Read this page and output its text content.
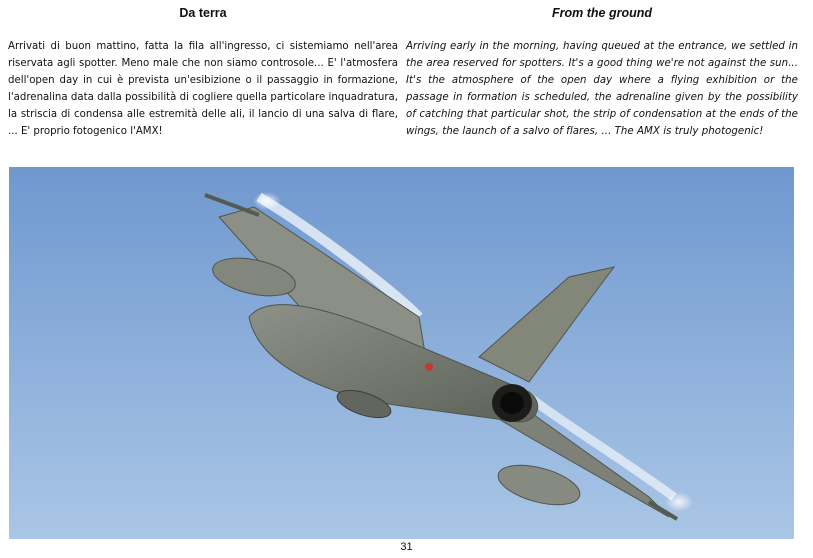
Da terra

Arrivati di buon mattino, fatta la fila all'ingresso, ci sistemiamo nell'area riservata agli spotter. Meno male che non siamo controsole... E' l'atmosfera dell'open day in cui è prevista un'esibizione o il passaggio in formazione, l'adrenalina data dalla possibilità di cogliere quella particolare inquadratura, la striscia di condensa alle estremità delle ali, il lancio di una salva di flare, ... E' proprio fotogenico l'AMX!

From the ground

Arriving early in the morning, having queued at the entrance, we settled in the area reserved for spotters. It's a good thing we're not against the sun... It's the atmosphere of the open day where a flying exhibition or the passage in formation is scheduled, the adrenaline given by the possibility of catching that particular shot, the strip of condensation at the ends of the wings, the launch of a salvo of flares, ... The AMX is truly photogenic!

31
